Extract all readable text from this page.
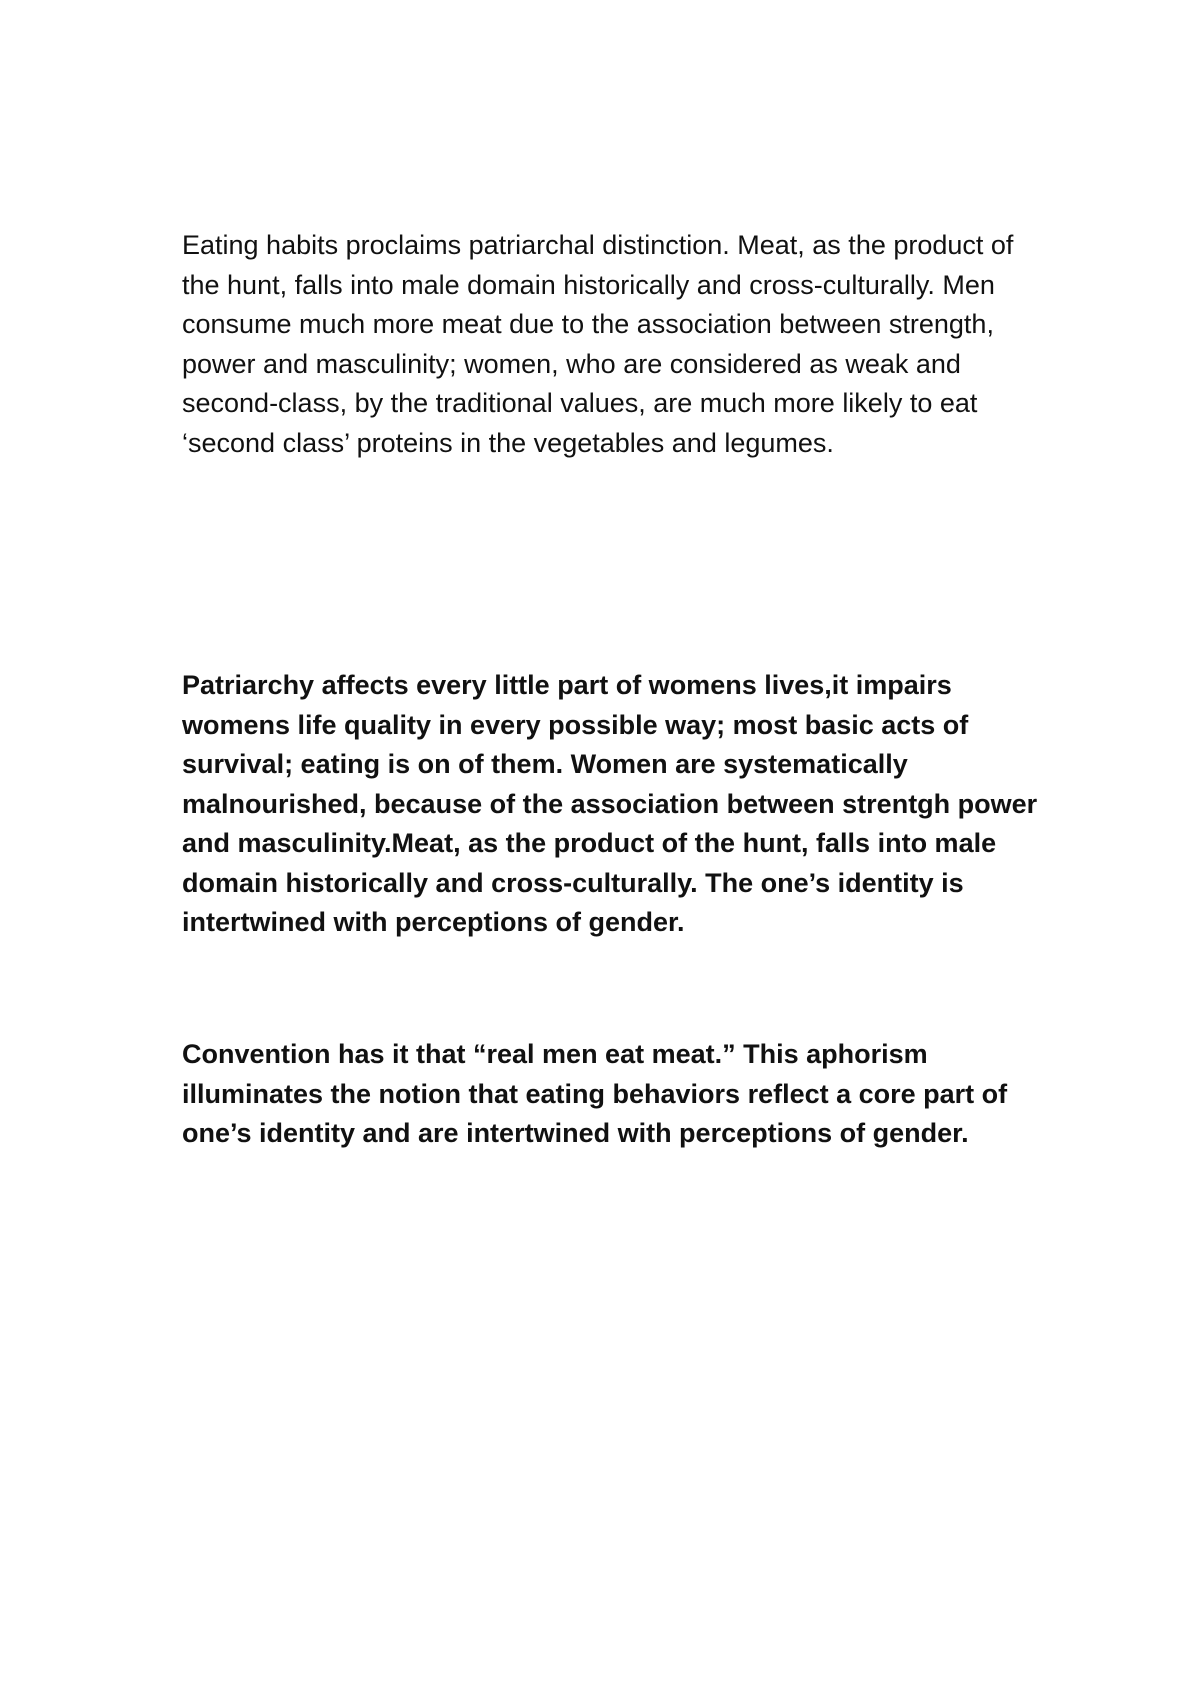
Eating habits proclaims patriarchal distinction. Meat, as the product of the hunt, falls into male domain historically and cross-culturally. Men consume much more meat due to the association between strength, power and masculinity; women, who are considered as weak and second-class, by the traditional values, are much more likely to eat ‘second class’ proteins in the vegetables and legumes.

Patriarchy affects every little part of womens lives,it impairs womens life quality in every possible way; most basic acts of survival; eating is on of them. Women are systematically malnourished, because of the association between strentgh power and masculinity.Meat, as the product of the hunt, falls into male domain historically and cross-culturally. The one’s identity is intertwined with perceptions of gender.

Convention has it that “real men eat meat.” This aphorism illuminates the notion that eating behaviors reflect a core part of one’s identity and are intertwined with perceptions of gender.
